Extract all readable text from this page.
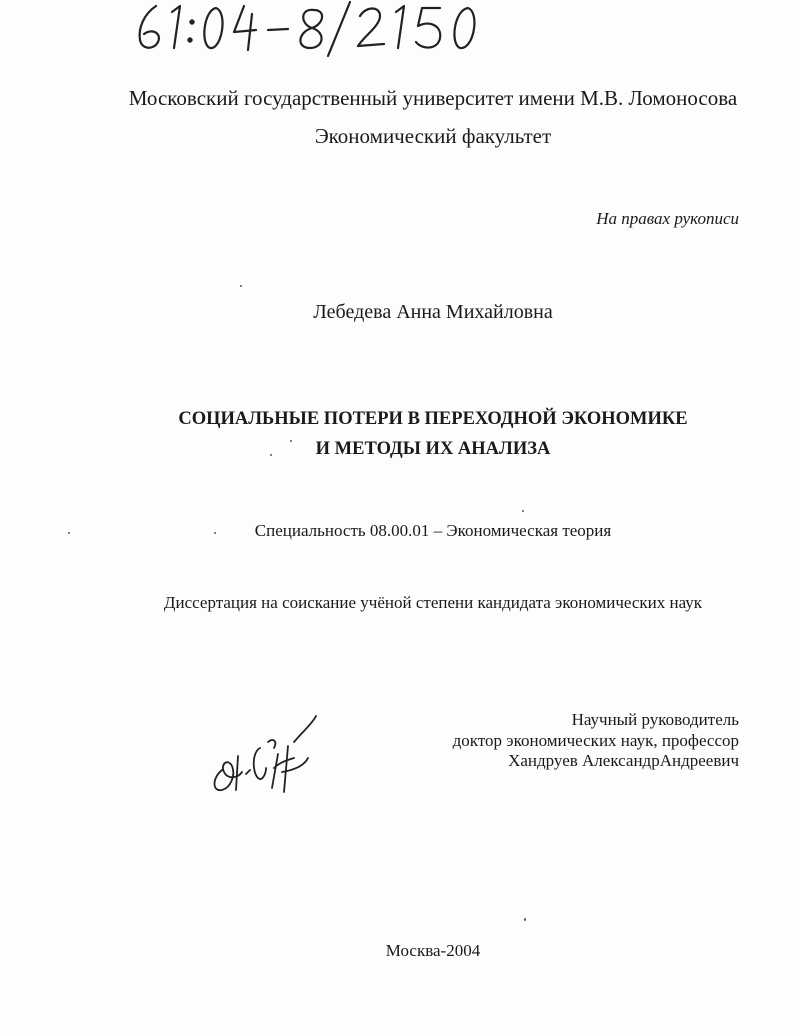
Московский государственный университет имени М.В. Ломоносова
Экономический факультет
На правах рукописи
Лебедева Анна Михайловна
СОЦИАЛЬНЫЕ ПОТЕРИ В ПЕРЕХОДНОЙ ЭКОНОМИКЕ
И МЕТОДЫ ИХ АНАЛИЗА
Специальность 08.00.01 – Экономическая теория
Диссертация на соискание учёной степени кандидата экономических наук
Научный руководитель
доктор экономических наук, профессор
Хандруев АлександрАндреевич
Москва-2004
